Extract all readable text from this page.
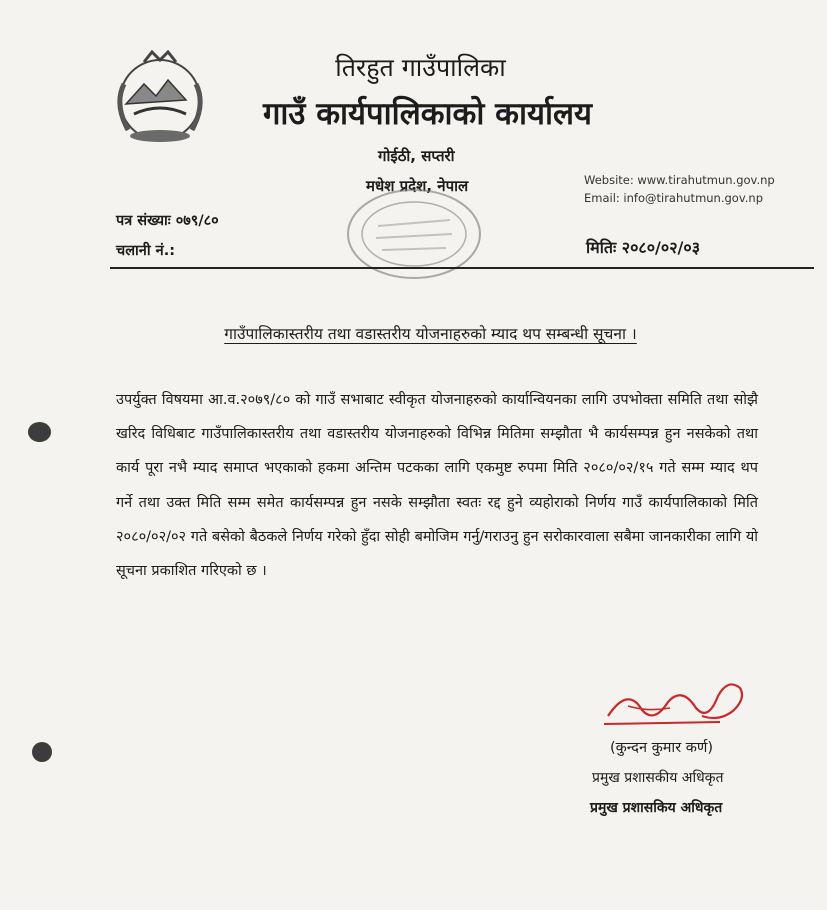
तिरहुत गाउँपालिका
गाउँ कार्यपालिकाको कार्यालय
गोईठी, सप्तरी
मधेश प्रदेश, नेपाल	Website: www.tirahutmun.gov.np
Email: info@tirahutmun.gov.np
पत्र संख्याः ०७९/८०
चलानी नं.:	मितिः २०८०/०२/०३
गाउँपालिकास्तरीय तथा वडास्तरीय योजनाहरुको म्याद थप सम्बन्धी सूचना ।
उपर्युक्त विषयमा आ.व.२०७९/८० को गाउँ सभाबाट स्वीकृत योजनाहरुको कार्यान्वियनका लागि उपभोक्ता समिति तथा सोझै खरिद विधिबाट गाउँपालिकास्तरीय तथा वडास्तरीय योजनाहरुको विभिन्न मितिमा सम्झौता भै कार्यसम्पन्न हुन नसकेको तथा कार्य पूरा नभै म्याद समाप्त भएकाको हकमा अन्तिम पटकका लागि एकमुष्ट रुपमा मिति २०८०/०२/१५ गते सम्म म्याद थप गर्ने तथा उक्त मिति सम्म समेत कार्यसम्पन्न हुन नसके सम्झौता स्वतः रद्द हुने व्यहोराको निर्णय गाउँ कार्यपालिकाको मिति २०८०/०२/०२ गते बसेको बैठकले निर्णय गरेको हुँदा सोही बमोजिम गर्नु/गराउनु हुन सरोकारवाला सबैमा जानकारीका लागि यो सूचना प्रकाशित गरिएको छ ।
(कुन्दन कुमार कर्ण)
प्रमुख प्रशासकीय अधिकृत
प्रमुख प्रशासकिय अधिकृत
